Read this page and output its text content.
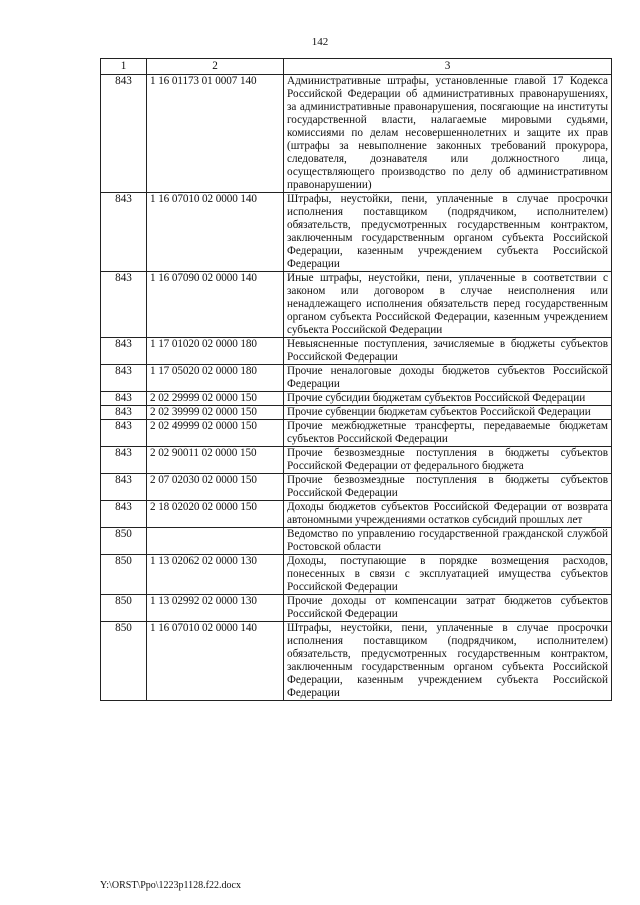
142
1	2	3
843	1 16 01173 01 0007 140	Административные штрафы, установленные главой 17 Кодекса Российской Федерации об административных правонарушениях, за административные правонарушения, посягающие на институты государственной власти, налагаемые мировыми судьями, комиссиями по делам несовершеннолетних и защите их прав (штрафы за невыполнение законных требований прокурора, следователя, дознавателя или должностного лица, осуществляющего производство по делу об административном правонарушении)
843	1 16 07010 02 0000 140	Штрафы, неустойки, пени, уплаченные в случае просрочки исполнения поставщиком (подрядчиком, исполнителем) обязательств, предусмотренных государственным контрактом, заключенным государственным органом субъекта Российской Федерации, казенным учреждением субъекта Российской Федерации
843	1 16 07090 02 0000 140	Иные штрафы, неустойки, пени, уплаченные в соответствии с законом или договором в случае неисполнения или ненадлежащего исполнения обязательств перед государственным органом субъекта Российской Федерации, казенным учреждением субъекта Российской Федерации
843	1 17 01020 02 0000 180	Невыясненные поступления, зачисляемые в бюджеты субъектов Российской Федерации
843	1 17 05020 02 0000 180	Прочие неналоговые доходы бюджетов субъектов Российской Федерации
843	2 02 29999 02 0000 150	Прочие субсидии бюджетам субъектов Российской Федерации
843	2 02 39999 02 0000 150	Прочие субвенции бюджетам субъектов Российской Федерации
843	2 02 49999 02 0000 150	Прочие межбюджетные трансферты, передаваемые бюджетам субъектов Российской Федерации
843	2 02 90011 02 0000 150	Прочие безвозмездные поступления в бюджеты субъектов Российской Федерации от федерального бюджета
843	2 07 02030 02 0000 150	Прочие безвозмездные поступления в бюджеты субъектов Российской Федерации
843	2 18 02020 02 0000 150	Доходы бюджетов субъектов Российской Федерации от возврата автономными учреждениями остатков субсидий прошлых лет
850		Ведомство по управлению государственной гражданской службой Ростовской области
850	1 13 02062 02 0000 130	Доходы, поступающие в порядке возмещения расходов, понесенных в связи с эксплуатацией имущества субъектов Российской Федерации
850	1 13 02992 02 0000 130	Прочие доходы от компенсации затрат бюджетов субъектов Российской Федерации
850	1 16 07010 02 0000 140	Штрафы, неустойки, пени, уплаченные в случае просрочки исполнения поставщиком (подрядчиком, исполнителем) обязательств, предусмотренных государственным контрактом, заключенным государственным органом субъекта Российской Федерации, казенным учреждением субъекта Российской Федерации
Y:\ORST\Ppo\1223p1128.f22.docx
